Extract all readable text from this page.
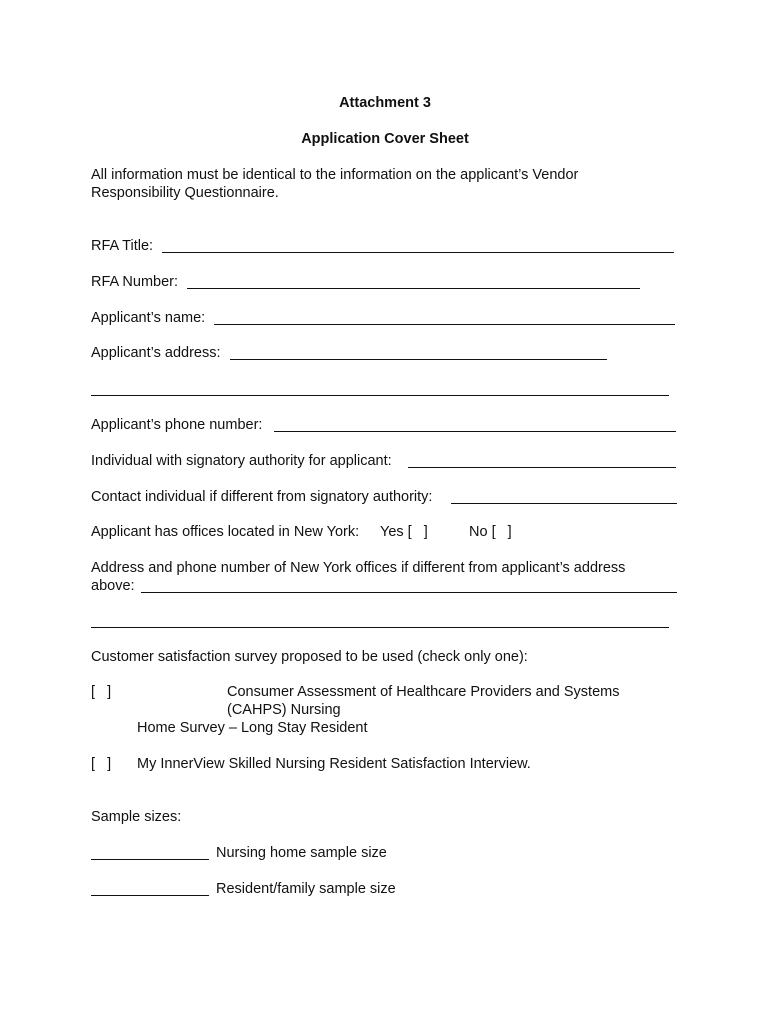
Attachment 3
Application Cover Sheet
All information must be identical to the information on the applicant’s Vendor
Responsibility Questionnaire.
RFA Title:
RFA Number:
Applicant’s name:
Applicant’s address:
Applicant’s phone number:
Individual with signatory authority for applicant:
Contact individual if different from signatory authority:
Applicant has offices located in New York: Yes [   ]	No [   ]
Address and phone number of New York offices if different from applicant’s address
above:
Customer satisfaction survey proposed to be used (check only one):
[   ]	Consumer Assessment of Healthcare Providers and Systems
(CAHPS) Nursing
Home Survey – Long Stay Resident
[   ] My InnerView Skilled Nursing Resident Satisfaction Interview.
Sample sizes:
Nursing home sample size
Resident/family sample size
